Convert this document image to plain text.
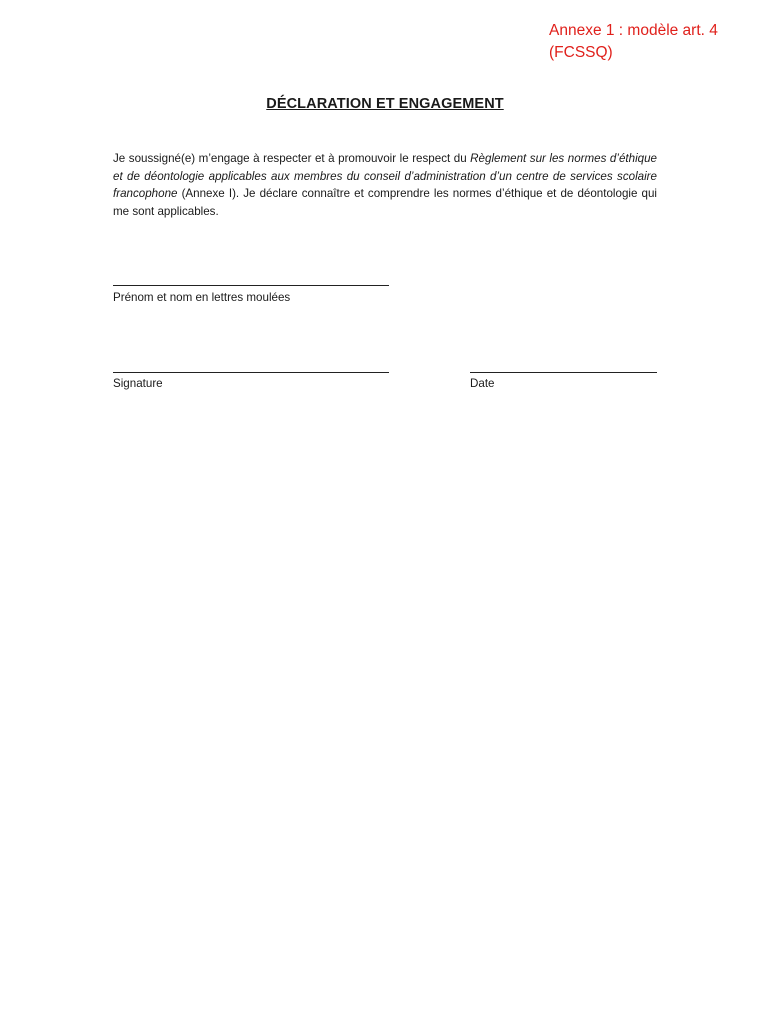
Annexe 1 : modèle art. 4
(FCSSQ)
DÉCLARATION ET ENGAGEMENT
Je soussigné(e) m’engage à respecter et à promouvoir le respect du Règlement sur les normes d’éthique et de déontologie applicables aux membres du conseil d’administration d’un centre de services scolaire francophone (Annexe I). Je déclare connaître et comprendre les normes d’éthique et de déontologie qui me sont applicables.
Prénom et nom en lettres moulées
Signature	Date
